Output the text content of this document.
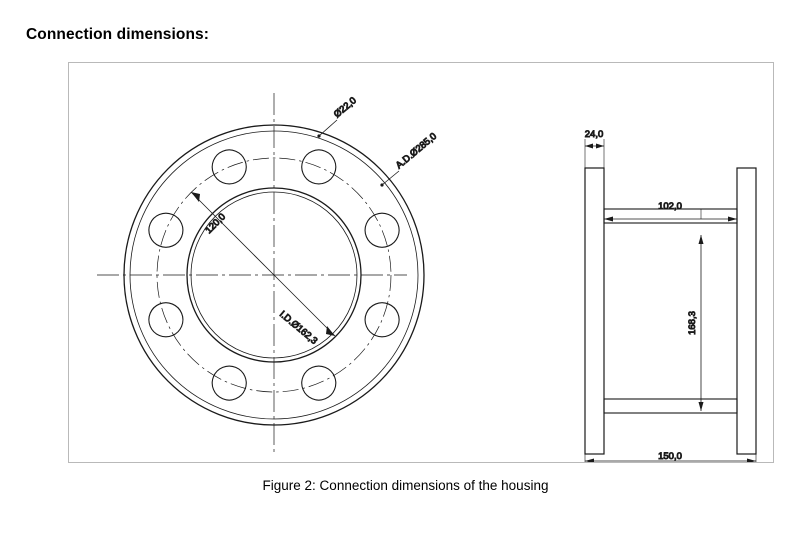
Connection dimensions:
Ø22,0
A.D.Ø285,0
120,0
I.D.Ø162,3
24,0
102,0
168,3
150,0
Figure 2: Connection dimensions of the housing
